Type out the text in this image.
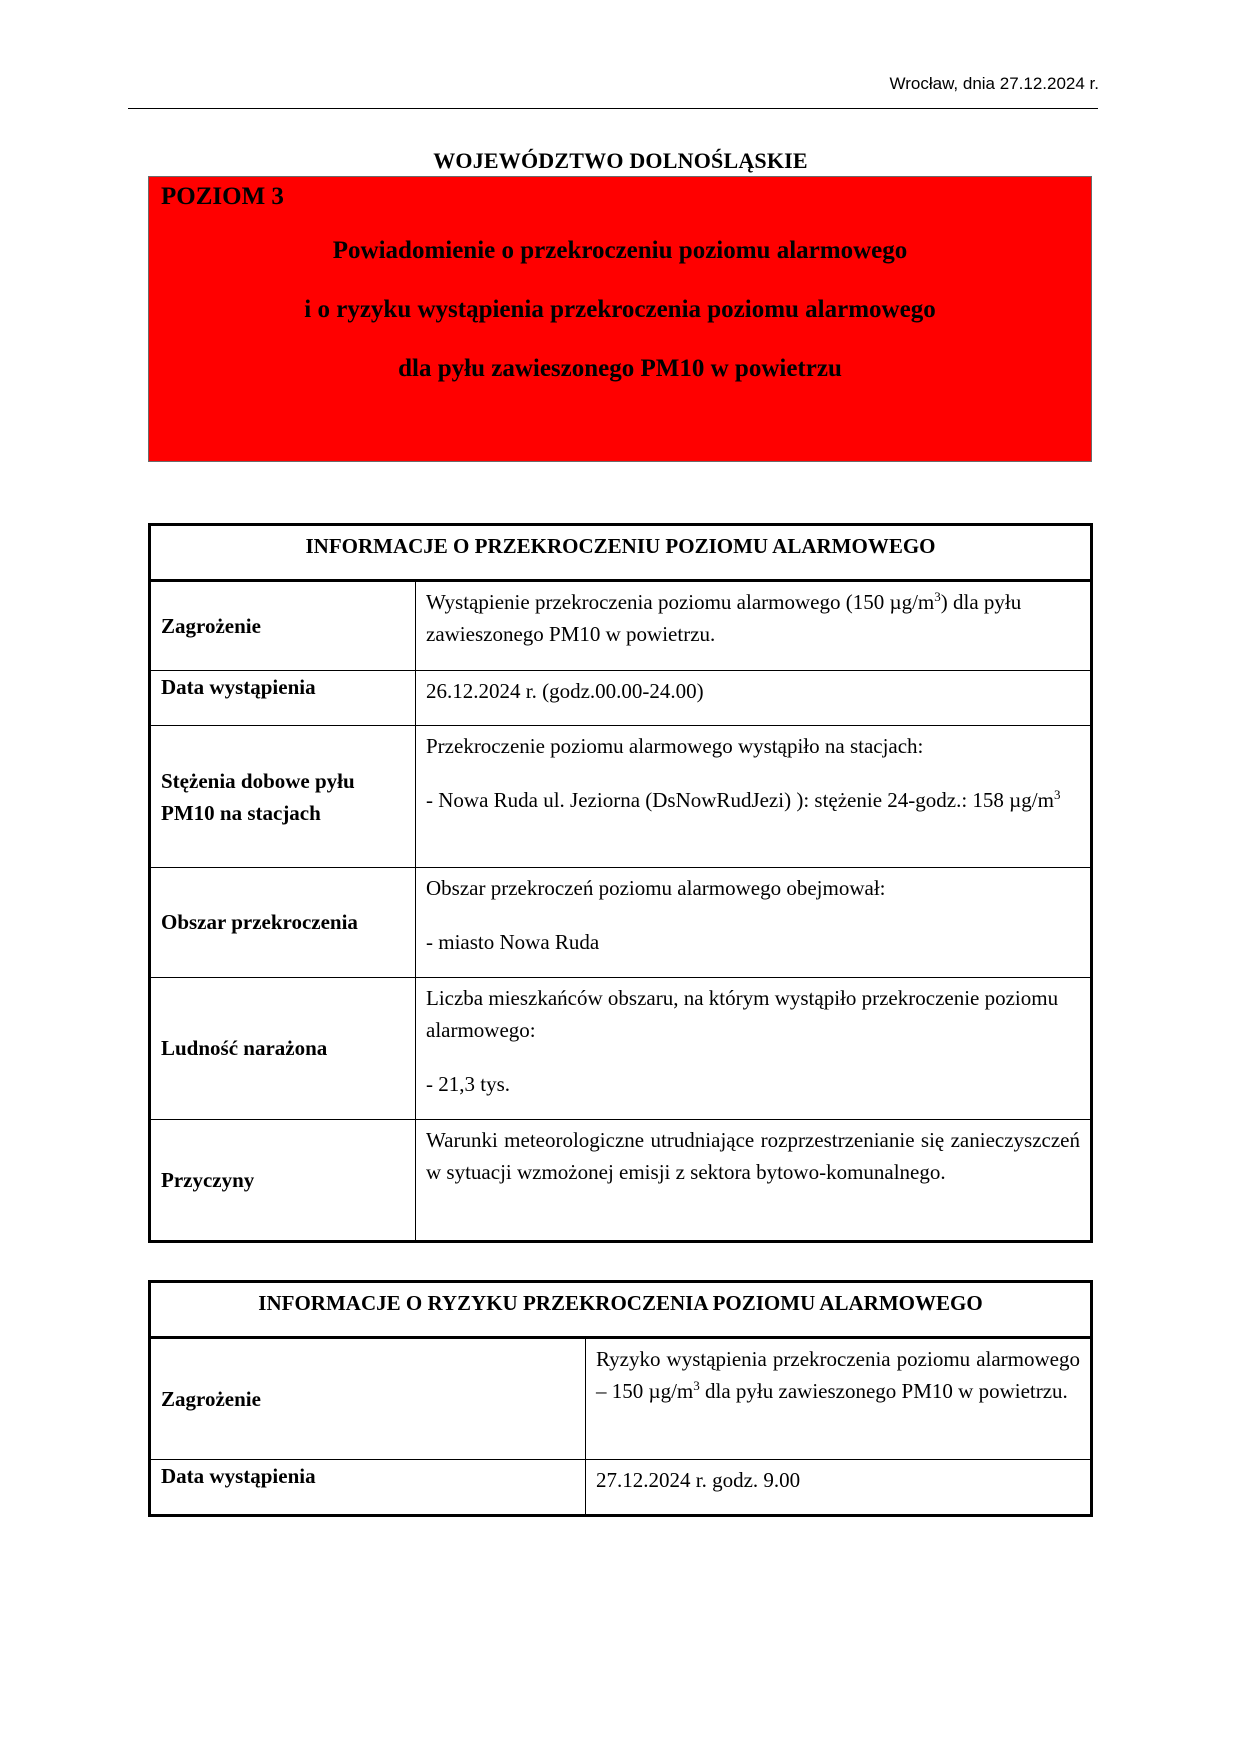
Wrocław, dnia 27.12.2024 r.
WOJEWÓDZTWO DOLNOŚLĄSKIE
POZIOM 3
Powiadomienie o przekroczeniu poziomu alarmowego
i o ryzyku wystąpienia przekroczenia poziomu alarmowego
dla pyłu zawieszonego PM10 w powietrzu
INFORMACJE O PRZEKROCZENIU POZIOMU ALARMOWEGO	
Zagrożenie	Wystąpienie przekroczenia poziomu alarmowego (150 $\mu g/m^3$) dla pyłu zawieszonego PM10 w powietrzu.
Data wystąpienia	26.12.2024 r. (godz.00.00-24.00)
Stężenia dobowe pyłu PM10 na stacjach	Przekroczenie poziomu alarmowego wystąpiło na stacjach:
- Nowa Ruda ul. Jeziorna (DsNowRudJezi) ): stężenie 24-godz.: 158 $\mu g/m^3$
Obszar przekroczenia	Obszar przekroczeń poziomu alarmowego obejmował:
- miasto Nowa Ruda
Ludność narażona	Liczba mieszkańców obszaru, na którym wystąpiło przekroczenie poziomu alarmowego:
- 21,3 tys.
Przyczyny	Warunki meteorologiczne utrudniające rozprzestrzenianie się zanieczyszczeń w sytuacji wzmożonej emisji z sektora bytowo-komunalnego.
INFORMACJE O RYZYKU PRZEKROCZENIA POZIOMU ALARMOWEGO	
Zagrożenie	Ryzyko wystąpienia przekroczenia poziomu alarmowego – 150 $\mu g/m^3$ dla pyłu zawieszonego PM10 w powietrzu.
Data wystąpienia	27.12.2024 r. godz. 9.00
